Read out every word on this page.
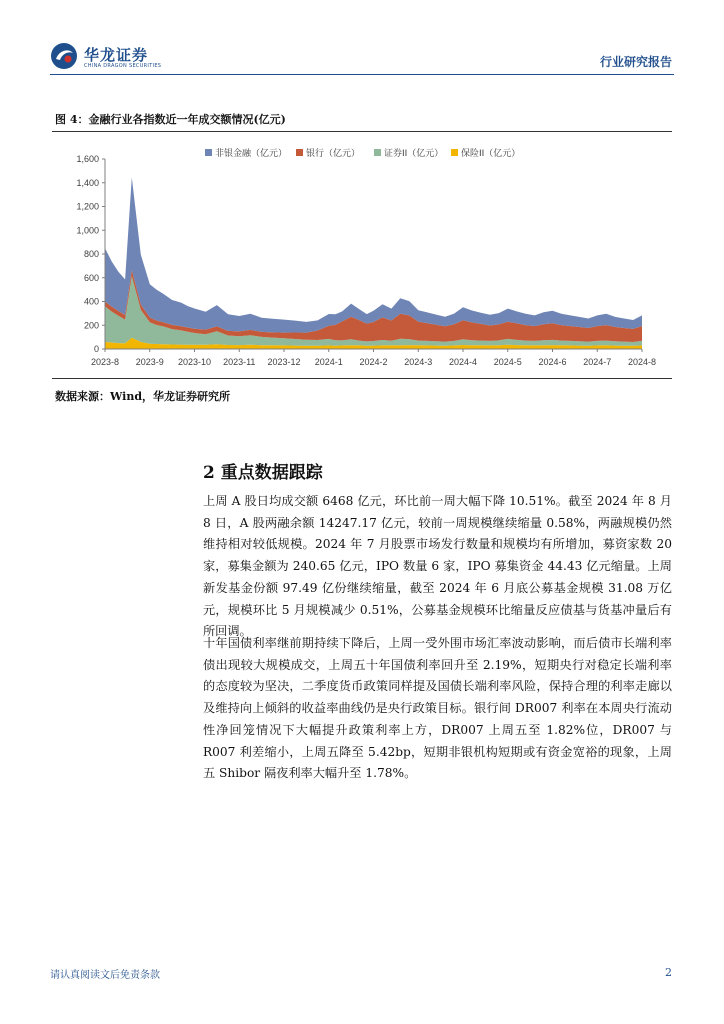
华龙证券
CHINA DRAGON SECURITIES	行业研究报告
图 4：金融行业各指数近一年成交额情况(亿元)
非银金融（亿元） 银行（亿元）	证券II（亿元） 保险II（亿元）
0
200
400
600
800
1,000
1,200
1,400
1,600
2023-8 2023-9 2023-10 2023-11 2023-12 2024-1 2024-2 2024-3 2024-4 2024-5 2024-6 2024-7 2024-8
数据来源：Wind，华龙证券研究所
2 重点数据跟踪

上周 A 股日均成交额 6468 亿元，环比前一周大幅下降 10.51%。截至 2024 年 8 月 8 日，A 股两融余额 14247.17 亿元，较前一周规模继续缩量 0.58%，两融规模仍然维持相对较低规模。2024 年 7 月股票市场发行数量和规模均有所增加，募资家数 20 家，募集金额为 240.65 亿元，IPO 数量 6 家，IPO 募集资金 44.43 亿元缩量。上周新发基金份额 97.49 亿份继续缩量，截至 2024 年 6 月底公募基金规模 31.08 万亿元，规模环比 5 月规模减少 0.51%，公募基金规模环比缩量反应债基与货基冲量后有所回调。

十年国债利率继前期持续下降后，上周一受外围市场汇率波动影响，而后债市长端利率债出现较大规模成交，上周五十年国债利率回升至 2.19%，短期央行对稳定长端利率的态度较为坚决，二季度货币政策同样提及国债长端利率风险，保持合理的利率走廊以及维持向上倾斜的收益率曲线仍是央行政策目标。银行间 DR007 利率在本周央行流动性净回笼情况下大幅提升政策利率上方，DR007 上周五至 1.82%位，DR007 与 R007 利差缩小，上周五降至 5.42bp，短期非银机构短期或有资金宽裕的现象，上周五 Shibor 隔夜利率大幅升至 1.78%。

请认真阅读文后免责条款	2
